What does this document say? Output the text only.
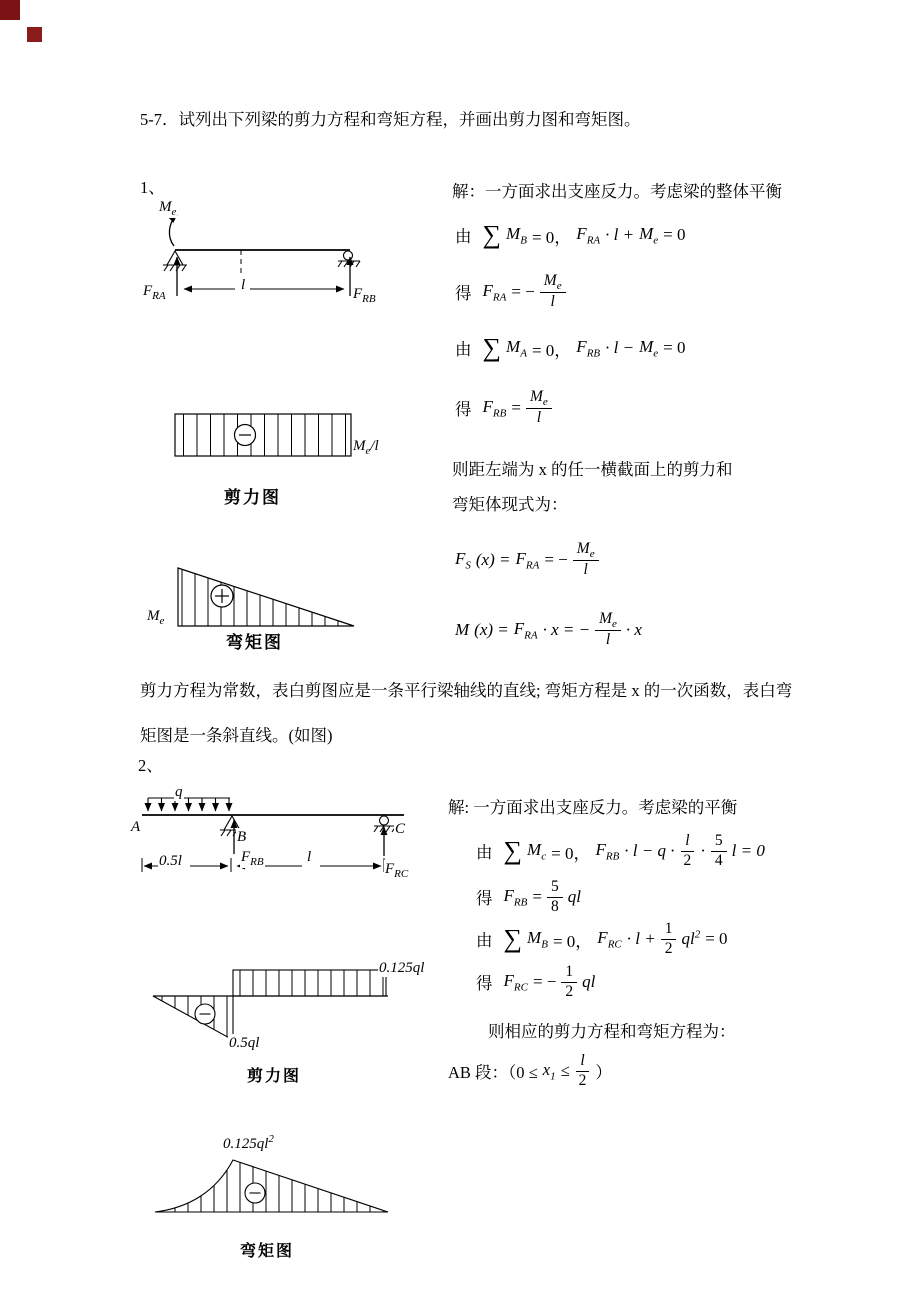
5-7．试列出下列梁的剪力方程和弯矩方程，并画出剪力图和弯矩图。
1、
$M_e$
$F_{RA}$	$F_{RB}$
l
$M_e/l$
剪力图
$M_e$
弯矩图
解：一方面求出支座反力。考虑梁的整体平衡
由 ∑ $M_B = 0$， $F_{RA} \cdot l + M_e = 0$
得 $F_{RA}$ = − $\frac{M_e}{l}$
由 ∑ $M_A = 0$， $F_{RB} \cdot l - M_e = 0$
得 $F_{RB} = \frac{M_e}{l}$
则距左端为 x 的任一横截面上的剪力和
弯矩体现式为：
$F_S$ $(x) = F_{RA}$ = − $\frac{M_e}{l}$
M $(x) = F_{RA} \cdot x$ = − $\frac{M_e}{l} \cdot x$
剪力方程为常数，表白剪图应是一条平行梁轴线的直线; 弯矩方程是 x 的一次函数，表白弯矩图是一条斜直线。(如图)
2、
q
A
B	C
$F_{RB}$	$F_{RC}$
0.5l	l
0.125ql
0.5ql
剪力图
$0.125ql^2$
弯矩图
解: 一方面求出支座反力。考虑梁的平衡
由 ∑ $M_c = 0$， $F_{RB} \cdot l - q \cdot \frac{l}{2} \cdot \frac{5}{4}$ l = 0
得 $F_{RB} = \frac{5}{8}$ ql
由 ∑ $M_B = 0$， $F_{RC} \cdot l + \frac{1}{2} ql^2 = 0$
得 $F_{RC}$ = − $\frac{1}{2}$ ql
则相应的剪力方程和弯矩方程为：
AB 段：（$0 \le x_1 \le \frac{l}{2}$ ）
